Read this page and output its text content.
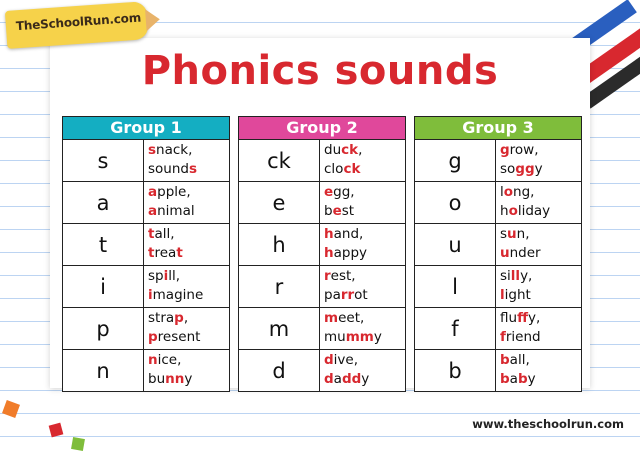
TheSchoolRun.com
Phonics sounds
Group 1
s	snack,
sounds
a	apple,
animal
t	tall,
treat
i	spill,
imagine
p	strap,
present
n	nice,
bunny
Group 2
ck	duck,
clock
e	egg,
best
h	hand,
happy
r	rest,
parrot
m	meet,
mummy
d	dive,
daddy
Group 3
g	grow,
soggy
o	long,
holiday
u	sun,
under
l	silly,
light
f	fluffy,
friend
b	ball,
baby
www.theschoolrun.com
